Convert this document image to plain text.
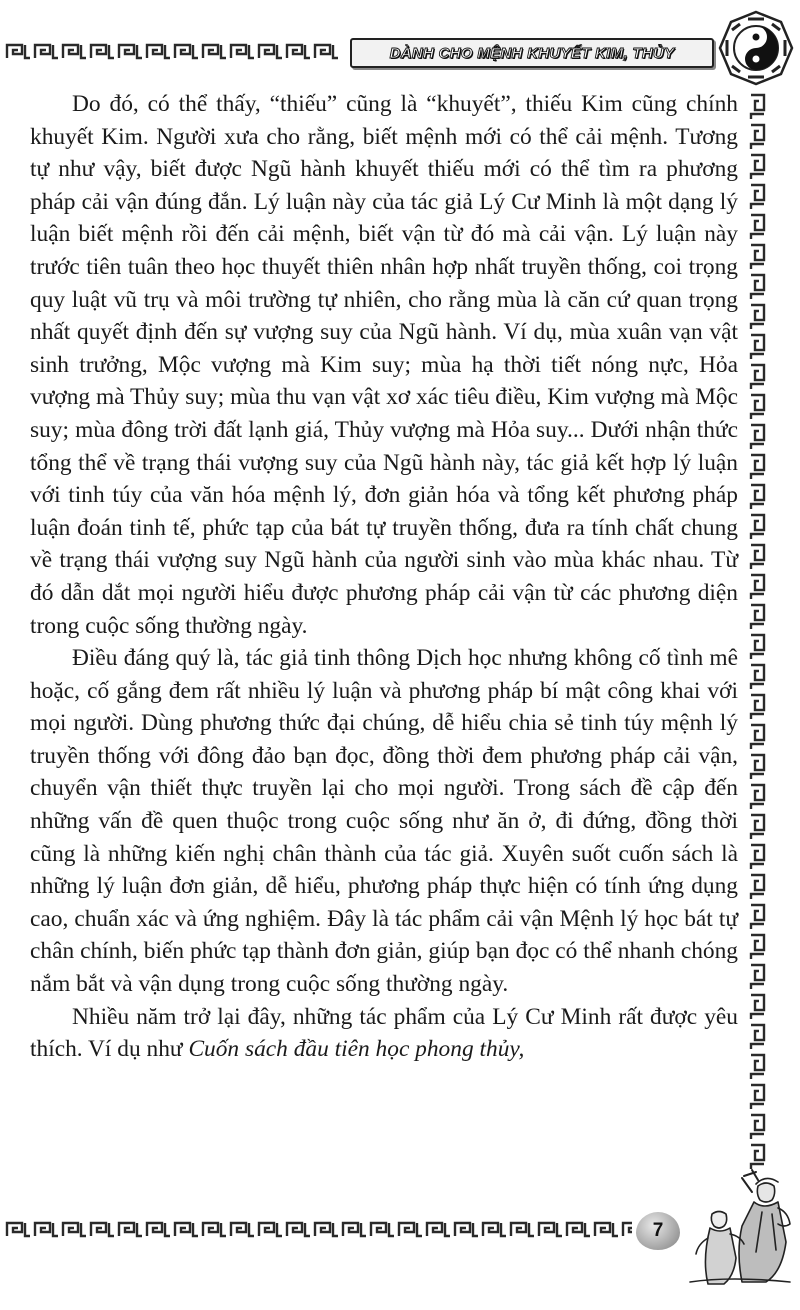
DÀNH CHO MỆNH KHUYẾT KIM, THỦY

Do đó, có thể thấy, “thiếu” cũng là “khuyết”, thiếu Kim cũng chính khuyết Kim. Người xưa cho rằng, biết mệnh mới có thể cải mệnh. Tương tự như vậy, biết được Ngũ hành khuyết thiếu mới có thể tìm ra phương pháp cải vận đúng đắn. Lý luận này của tác giả Lý Cư Minh là một dạng lý luận biết mệnh rồi đến cải mệnh, biết vận từ đó mà cải vận. Lý luận này trước tiên tuân theo học thuyết thiên nhân hợp nhất truyền thống, coi trọng quy luật vũ trụ và môi trường tự nhiên, cho rằng mùa là căn cứ quan trọng nhất quyết định đến sự vượng suy của Ngũ hành. Ví dụ, mùa xuân vạn vật sinh trưởng, Mộc vượng mà Kim suy; mùa hạ thời tiết nóng nực, Hỏa vượng mà Thủy suy; mùa thu vạn vật xơ xác tiêu điều, Kim vượng mà Mộc suy; mùa đông trời đất lạnh giá, Thủy vượng mà Hỏa suy... Dưới nhận thức tổng thể về trạng thái vượng suy của Ngũ hành này, tác giả kết hợp lý luận với tinh túy của văn hóa mệnh lý, đơn giản hóa và tổng kết phương pháp luận đoán tinh tế, phức tạp của bát tự truyền thống, đưa ra tính chất chung về trạng thái vượng suy Ngũ hành của người sinh vào mùa khác nhau. Từ đó dẫn dắt mọi người hiểu được phương pháp cải vận từ các phương diện trong cuộc sống thường ngày.

Điều đáng quý là, tác giả tinh thông Dịch học nhưng không cố tình mê hoặc, cố gắng đem rất nhiều lý luận và phương pháp bí mật công khai với mọi người. Dùng phương thức đại chúng, dễ hiểu chia sẻ tinh túy mệnh lý truyền thống với đông đảo bạn đọc, đồng thời đem phương pháp cải vận, chuyển vận thiết thực truyền lại cho mọi người. Trong sách đề cập đến những vấn đề quen thuộc trong cuộc sống như ăn ở, đi đứng, đồng thời cũng là những kiến nghị chân thành của tác giả. Xuyên suốt cuốn sách là những lý luận đơn giản, dễ hiểu, phương pháp thực hiện có tính ứng dụng cao, chuẩn xác và ứng nghiệm. Đây là tác phẩm cải vận Mệnh lý học bát tự chân chính, biến phức tạp thành đơn giản, giúp bạn đọc có thể nhanh chóng nắm bắt và vận dụng trong cuộc sống thường ngày.

Nhiều năm trở lại đây, những tác phẩm của Lý Cư Minh rất được yêu thích. Ví dụ như Cuốn sách đầu tiên học phong thủy,

7
